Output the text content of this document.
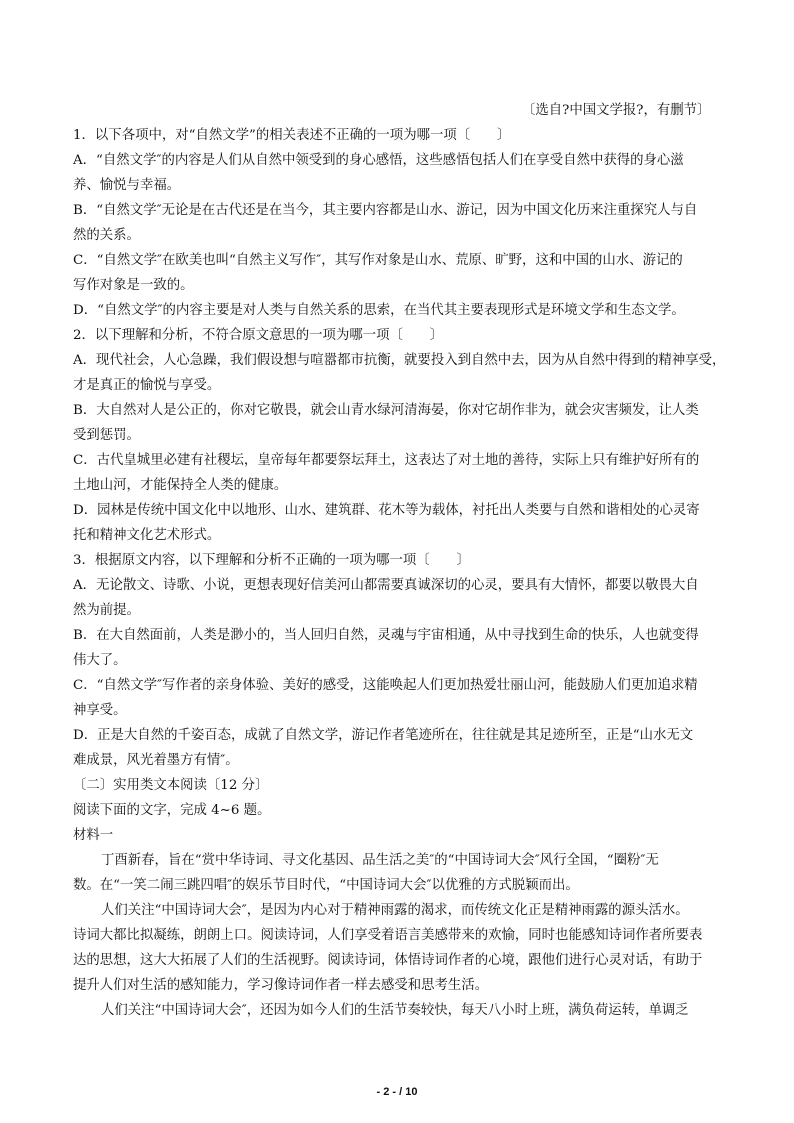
〔选自?中国文学报?，有删节〕
1．以下各项中，对“自然文学”的相关表述不正确的一项为哪一项〔　　〕
A．“自然文学″的内容是人们从自然中领受到的身心感悟，这些感悟包括人们在享受自然中获得的身心滋
养、愉悦与幸福。
B．“自然文学″无论是在古代还是在当今，其主要内容都是山水、游记，因为中国文化历来注重探究人与自
然的关系。
C．“自然文学″在欧美也叫“自然主义写作″，其写作对象是山水、荒原、旷野，这和中国的山水、游记的
写作对象是一致的。
D．“自然文学″的内容主要是对人类与自然关系的思索，在当代其主要表现形式是环境文学和生态文学。
2．以下理解和分析，不符合原文意思的一项为哪一项〔　　〕
A．现代社会，人心急躁，我们假设想与喧嚣都市抗衡，就要投入到自然中去，因为从自然中得到的精神享受，
才是真正的愉悦与享受。
B．大自然对人是公正的，你对它敬畏，就会山青水绿河清海晏，你对它胡作非为，就会灾害频发，让人类
受到惩罚。
C．古代皇城里必建有社稷坛，皇帝每年都要祭坛拜土，这表达了对土地的善待，实际上只有维护好所有的
土地山河，才能保持全人类的健康。
D．园林是传统中国文化中以地形、山水、建筑群、花木等为载体，衬托出人类要与自然和谐相处的心灵寄
托和精神文化艺术形式。
3．根据原文内容，以下理解和分析不正确的一项为哪一项〔　　〕
A．无论散文、诗歌、小说，更想表现好信美河山都需要真诚深切的心灵，要具有大情怀，都要以敬畏大自
然为前提。
B．在大自然面前，人类是渺小的，当人回归自然，灵魂与宇宙相通，从中寻找到生命的快乐，人也就变得
伟大了。
C．“自然文学″写作者的亲身体验、美好的感受，这能唤起人们更加热爱壮丽山河，能鼓励人们更加追求精
神享受。
D．正是大自然的千姿百态，成就了自然文学，游记作者笔迹所在，往往就是其足迹所至，正是“山水无文
难成景，风光着墨方有情″。
〔二〕实用类文本阅读〔12 分〕
阅读下面的文字，完成 4~6 题。
材料一
丁酉新春，旨在“赏中华诗词、寻文化基因、品生活之美″的“中国诗词大会″风行全国，“圈粉″无
数。在“一笑二闹三跳四唱″的娱乐节目时代，“中国诗词大会″以优雅的方式脱颖而出。
人们关注“中国诗词大会″，是因为内心对于精神雨露的渴求，而传统文化正是精神雨露的源头活水。
诗词大都比拟凝练，朗朗上口。阅读诗词，人们享受着语言美感带来的欢愉，同时也能感知诗词作者所要表
达的思想，这大大拓展了人们的生活视野。阅读诗词，体悟诗词作者的心境，跟他们进行心灵对话，有助于
提升人们对生活的感知能力，学习像诗词作者一样去感受和思考生活。
人们关注“中国诗词大会″，还因为如今人们的生活节奏较快，每天八小时上班，满负荷运转，单调乏
- 2 - / 10
